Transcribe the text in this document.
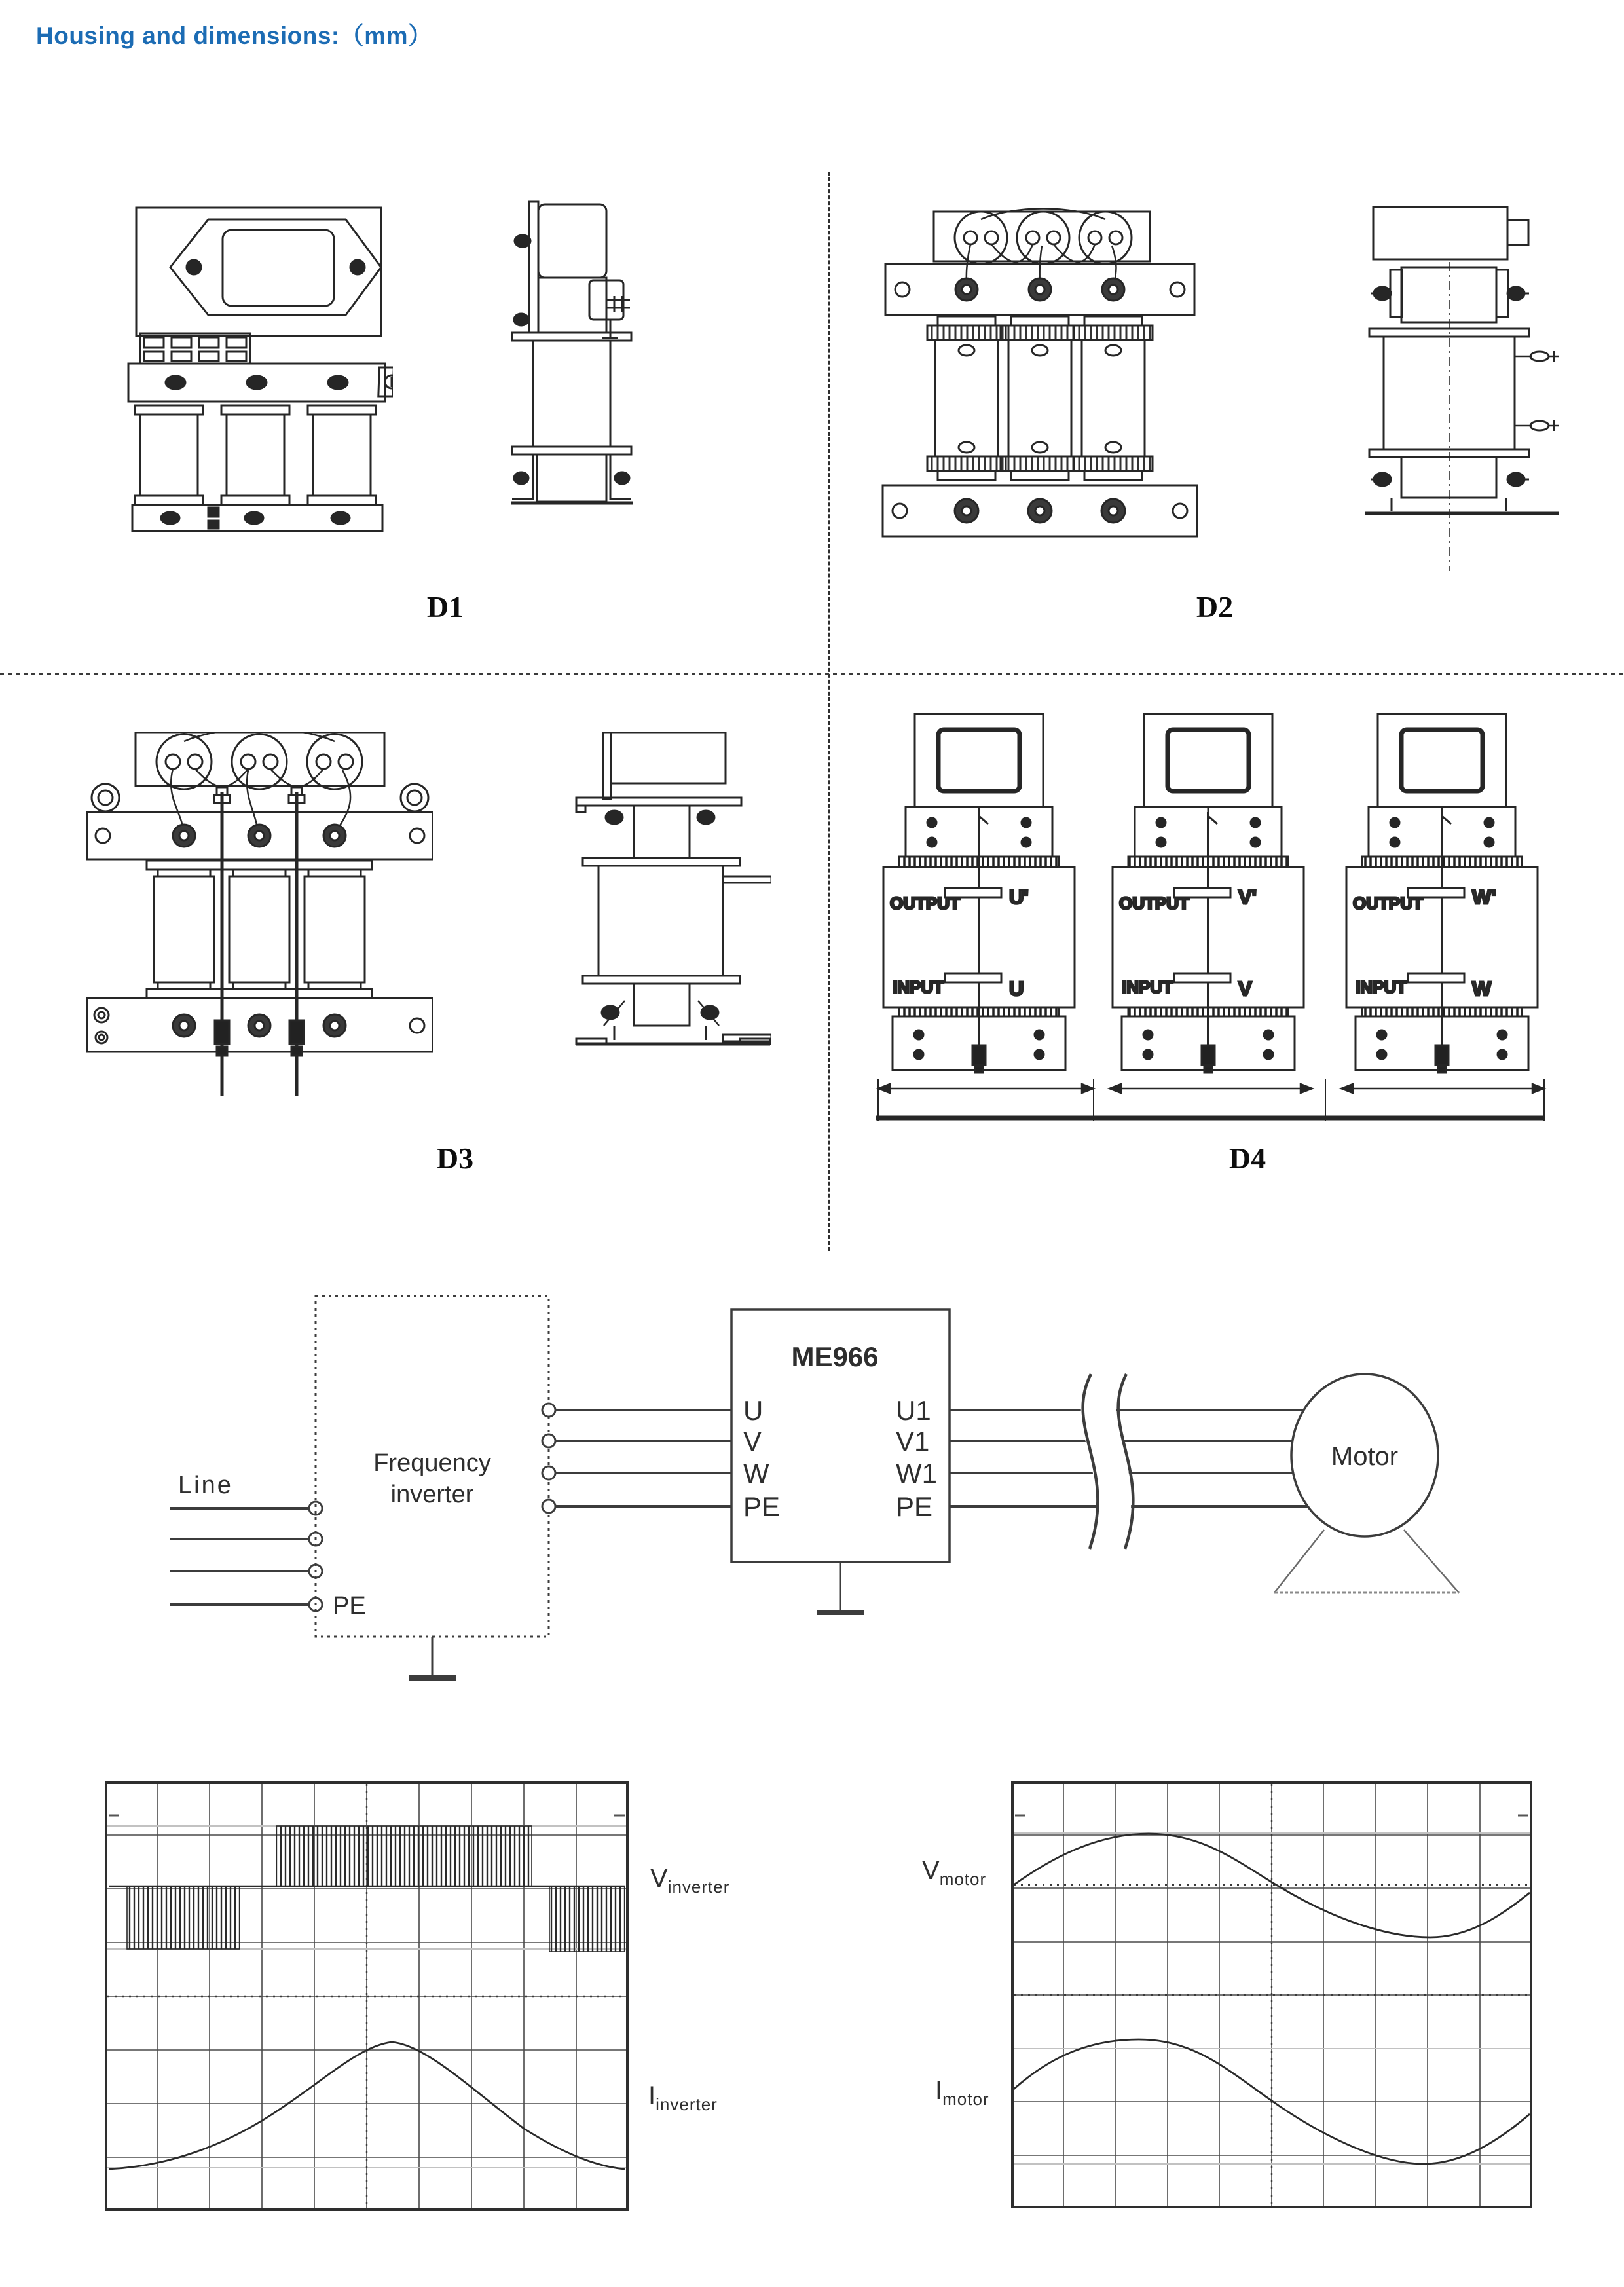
Housing and dimensions:（mm）
OUTPUT U'
INPUT	U
OUTPUT V'
INPUT	V
OUTPUT W'
INPUT	W
D1	D2
D3	D4
Line
PE
Frequency
inverter
ME966
U
V
W
PE
U1
V1
W1
PE
Motor
$V_{inverter}$
$I_{inverter}$
$V_{motor}$
$I_{motor}$
